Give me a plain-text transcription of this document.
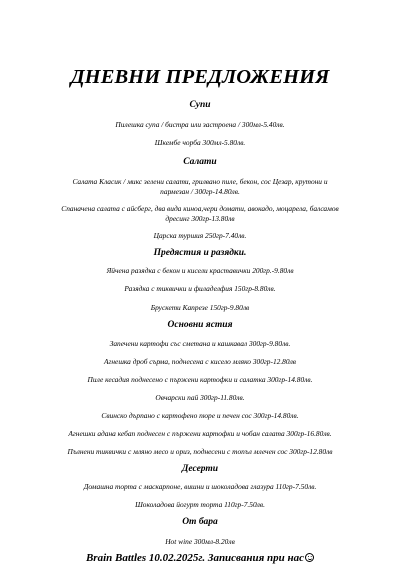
ДНЕВНИ ПРЕДЛОЖЕНИЯ
Супи
Пилешка супа / бистра или застроена / 300мл-5.40лв.
Шкембе чорба 300мл-5.80лв.
Салати
Салата Класик / микс зелени салати, грилвано пиле, бекон, сос Цезар, крутони и
пармезан / 300гр-14.80лв.
Спаначена салата с айсберг, два вида киноа,чери домати, авокадо, моцарела, балсамов
дресинг 300гр-13.80лв
Царска туршия 250гр-7.40лв.
Предястия и разядки.
Яйчена разядка с бекон и кисели краставички 200гр.-9.80лв
Разядка с тиквички и филаделфия 150гр-8.80лв.
Брускети Капрезе 150гр-9.80лв
Основни ястия
Запечени картофи със сметана и кашкавал 300гр-9.80лв.
Агнешка дроб сърма, поднесена с кисело мляко 300гр-12.80лв
Пиле кесадия поднесено с пържени картофки и салатка 300гр-14.80лв.
Овчарски пай 300гр-11.80лв.
Свинско дърпано с картофено пюре и печен сос 300гр-14.80лв.
Агнешки адана кебап поднесен с пържени картофки и чобан салата 300гр-16.80лв.
Пълнени тиквички с мляно месо и ориз, поднесени с топъл млечен сос 300гр-12.80лв
Десерти
Домашна торта с маскарпоне, вишни и шоколадова глазура 110гр-7.50лв.
Шоколадова йогурт торта 110гр-7.50лв.
От бара
Hot wine 300мл-8.20лв
Brain Battles 10.02.2025г. Записвания при нас
